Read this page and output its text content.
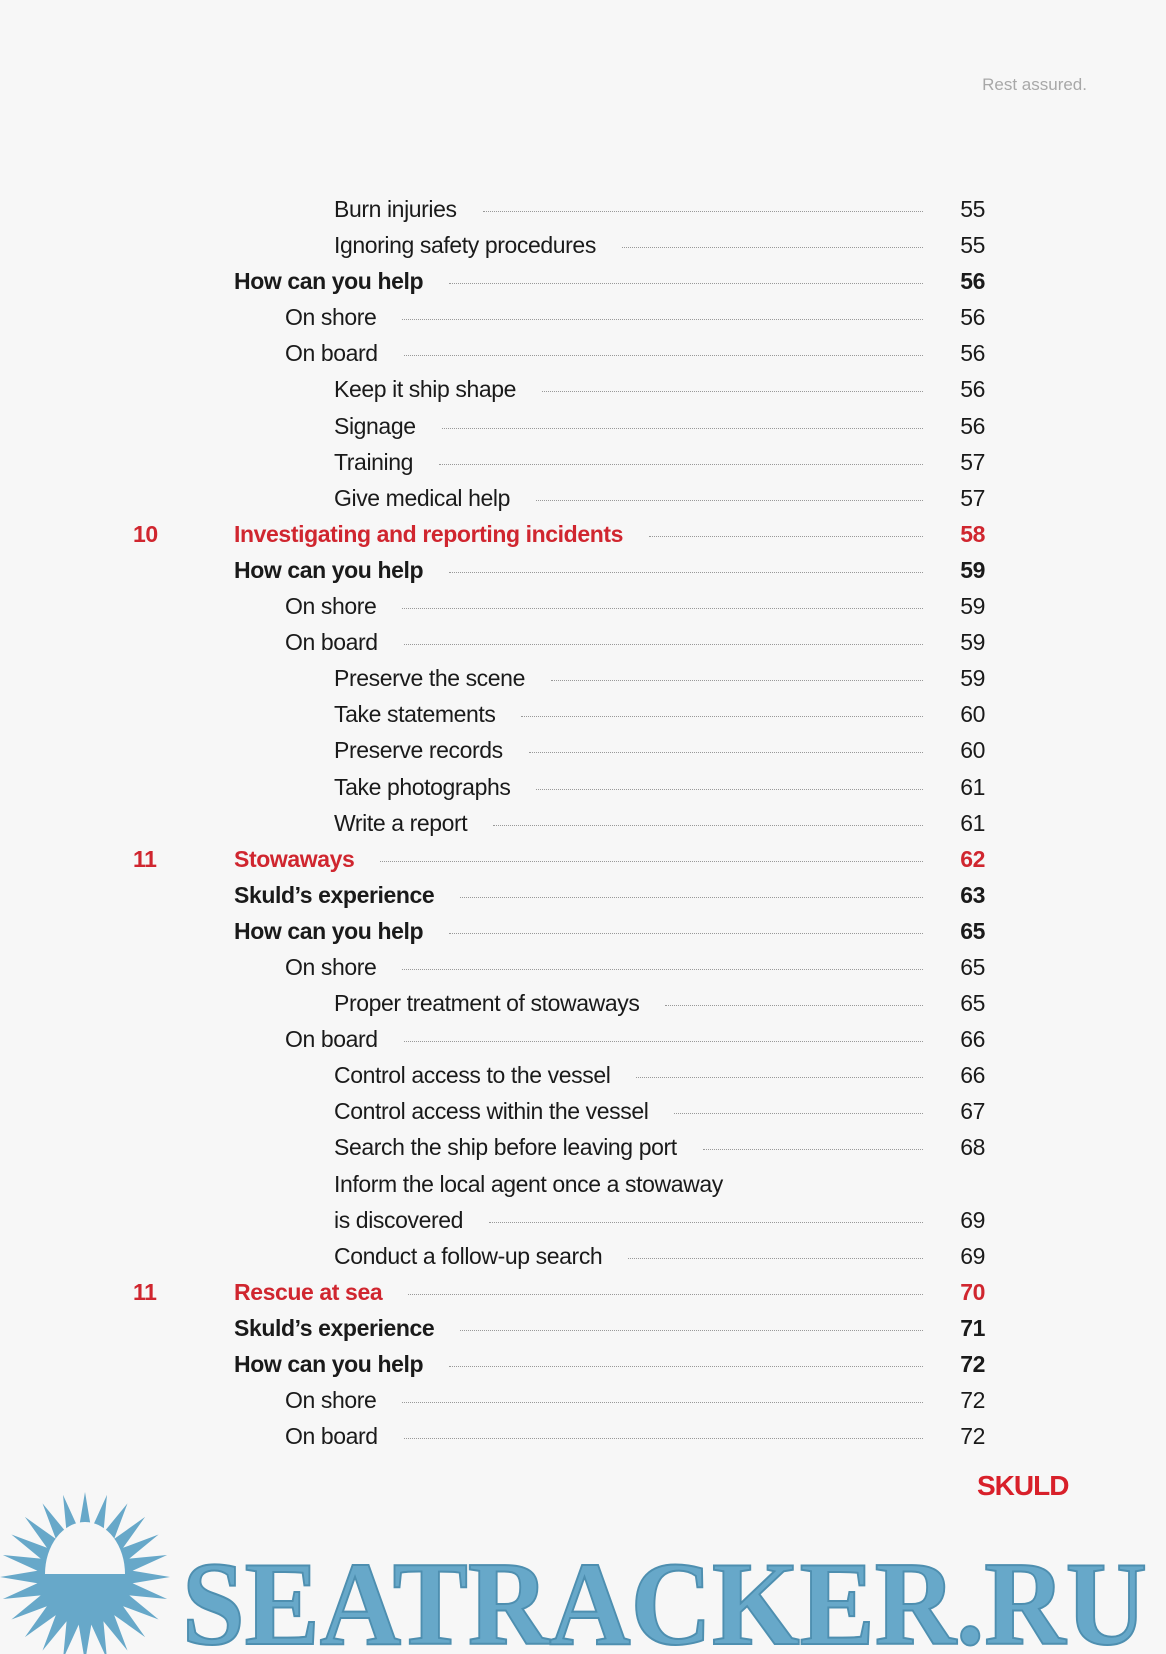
Rest assured.
Burn injuries	55
Ignoring safety procedures	55
How can you help	56
On shore	56
On board	56
Keep it ship shape	56
Signage	56
Training	57
Give medical help	57
10	Investigating and reporting incidents	58
How can you help	59
On shore	59
On board	59
Preserve the scene	59
Take statements	60
Preserve records	60
Take photographs	61
Write a report	61
11	Stowaways	62
Skuld’s experience	63
How can you help	65
On shore	65
Proper treatment of stowaways	65
On board	66
Control access to the vessel	66
Control access within the vessel	67
Search the ship before leaving port	68
Inform the local agent once a stowaway
is discovered	69
Conduct a follow-up search	69
11	Rescue at sea	70
Skuld’s experience	71
How can you help	72
On shore	72
On board	72
SEATRACKER.RU
SKULD
